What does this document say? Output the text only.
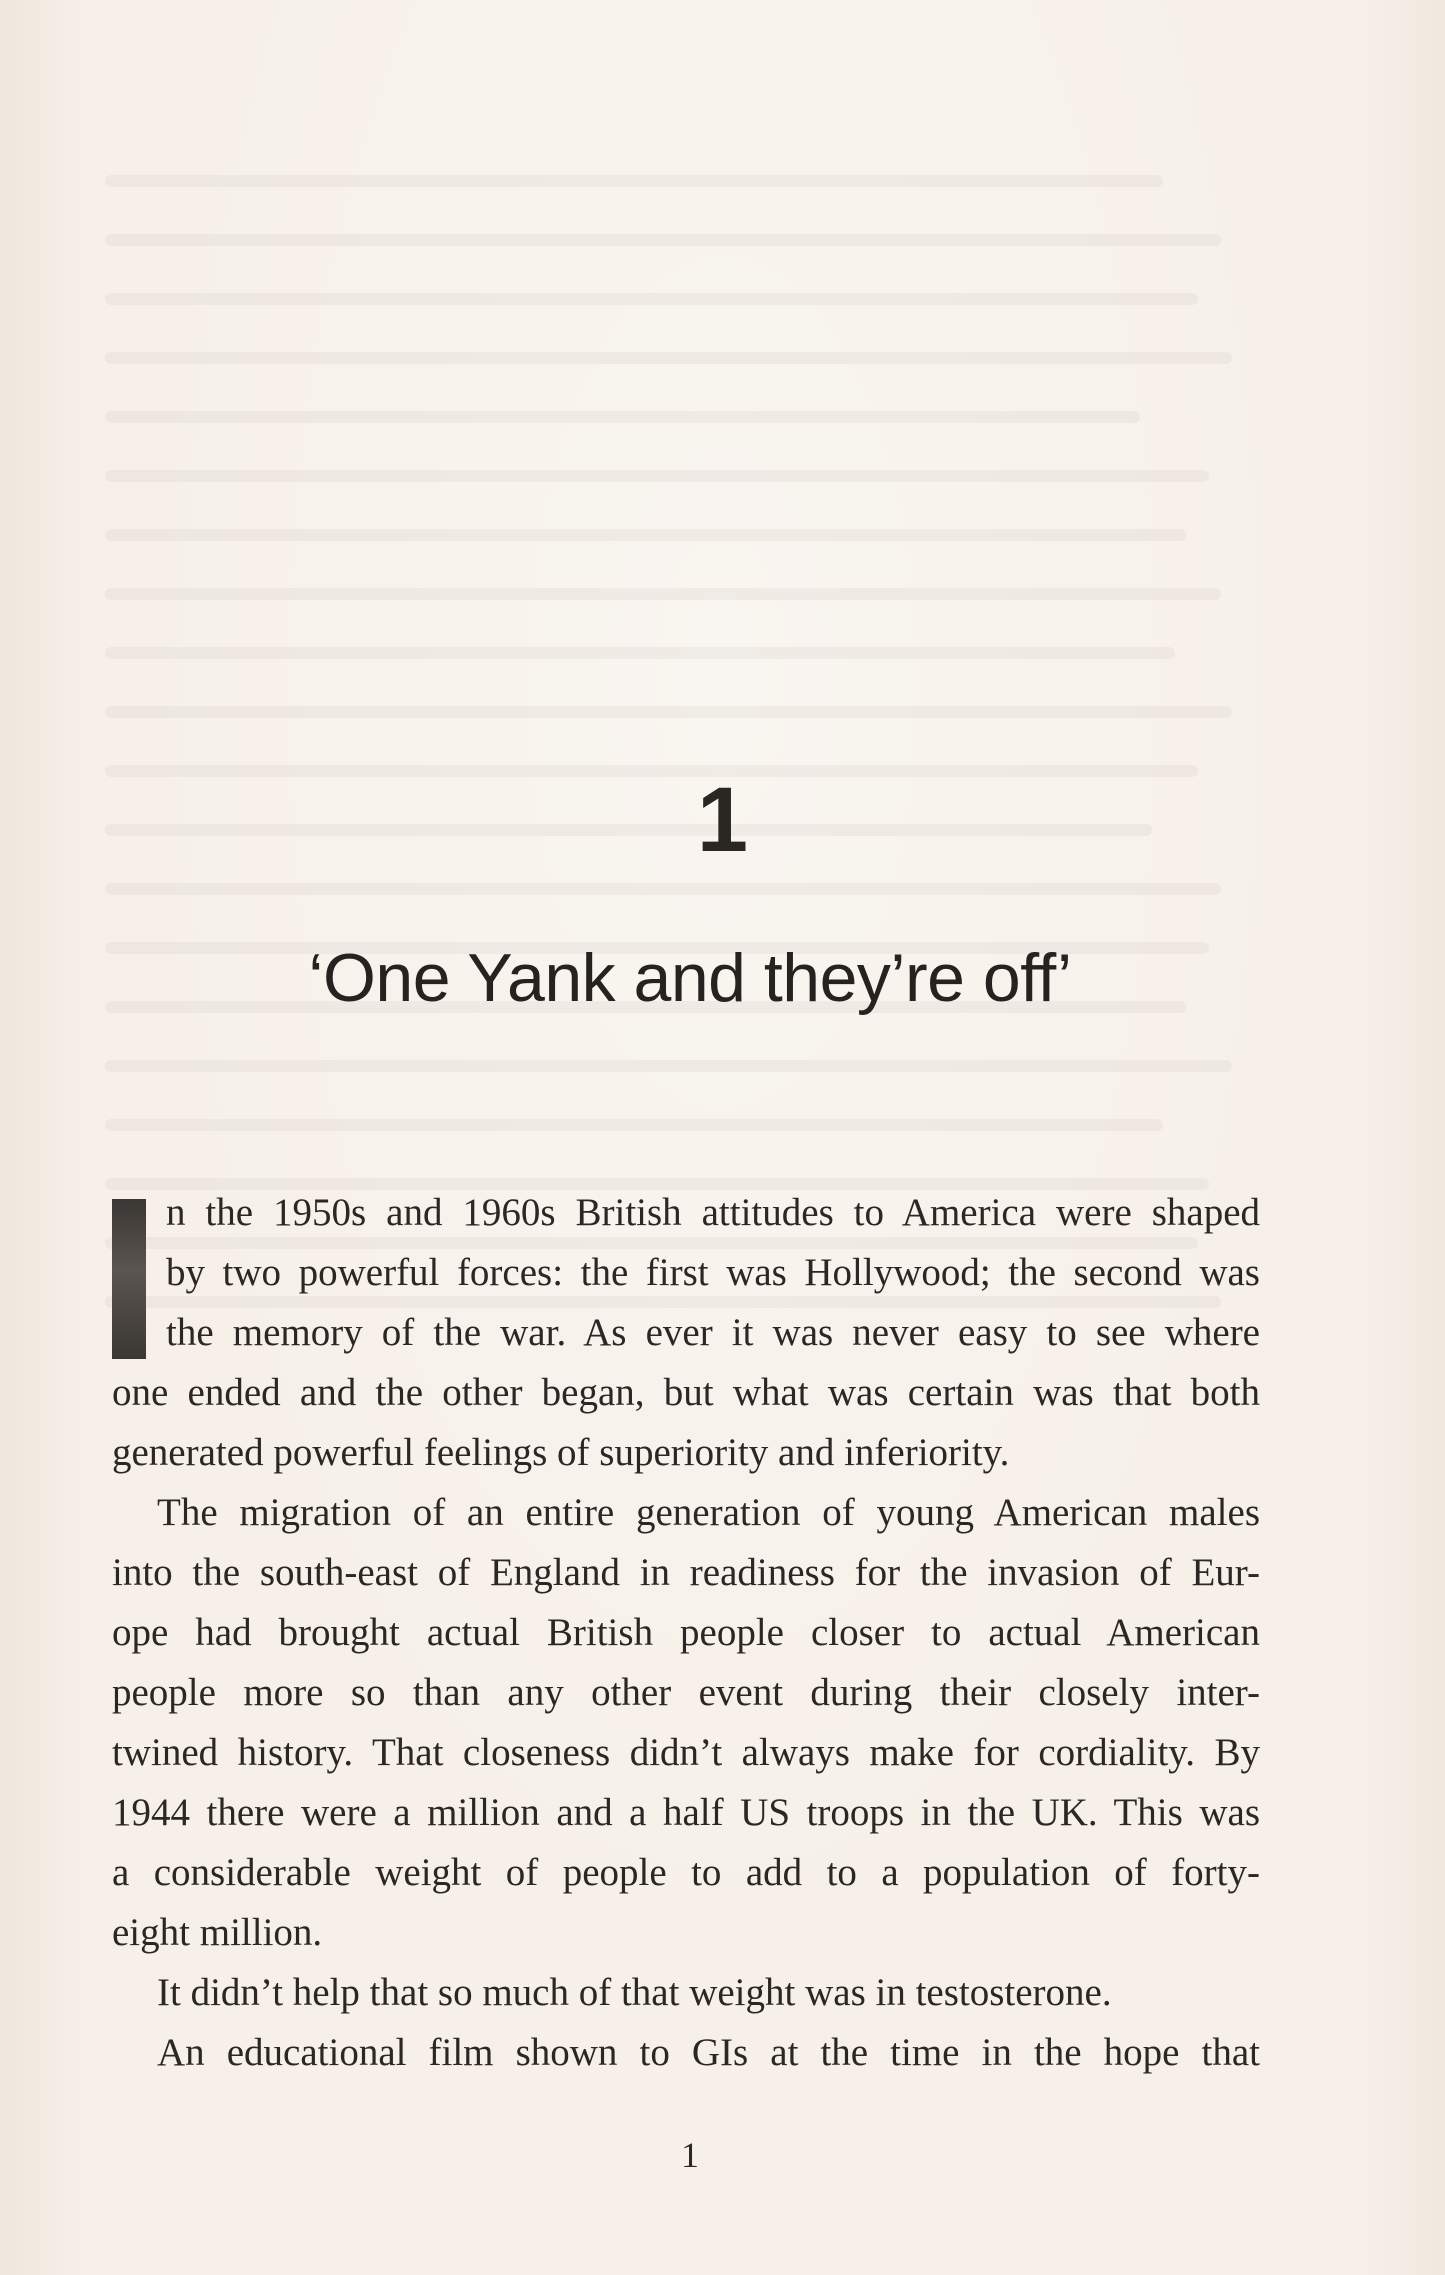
1
‘One Yank and they’re off’
n the 1950s and 1960s British attitudes to America were shaped
by two powerful forces: the first was Hollywood; the second was
the memory of the war. As ever it was never easy to see where
one ended and the other began, but what was certain was that both
generated powerful feelings of superiority and inferiority.
The migration of an entire generation of young American males
into the south-east of England in readiness for the invasion of Eur-
ope had brought actual British people closer to actual American
people more so than any other event during their closely inter-
twined history. That closeness didn’t always make for cordiality. By
1944 there were a million and a half US troops in the UK. This was
a considerable weight of people to add to a population of forty-
eight million.
It didn’t help that so much of that weight was in testosterone.
An educational film shown to GIs at the time in the hope that
1
